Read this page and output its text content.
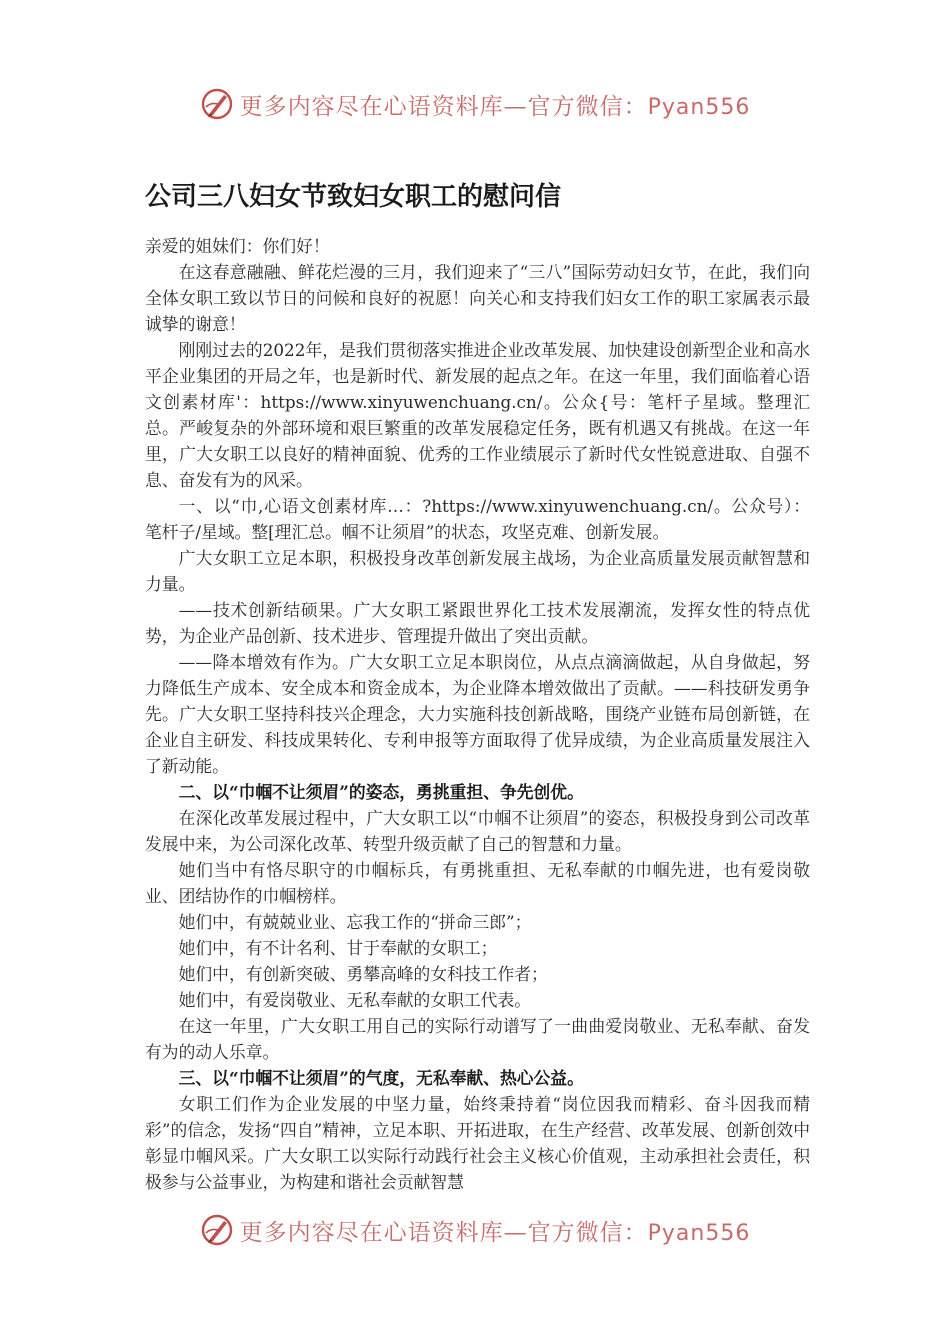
更多内容尽在心语资料库—官方微信：Pyan556
公司三八妇女节致妇女职工的慰问信

亲爱的姐妹们：你们好！

在这春意融融、鲜花烂漫的三月，我们迎来了“三八”国际劳动妇女节，在此，我们向全体女职工致以节日的问候和良好的祝愿！向关心和支持我们妇女工作的职工家属表示最诚挚的谢意！

刚刚过去的2022年，是我们贯彻落实推进企业改革发展、加快建设创新型企业和高水平企业集团的开局之年，也是新时代、新发展的起点之年。在这一年里，我们面临着心语文创素材库'：https://www.xinyuwenchuang.cn/。公众{号：笔杆子星域。整理汇总。严峻复杂的外部环境和艰巨繁重的改革发展稳定任务，既有机遇又有挑战。在这一年里，广大女职工以良好的精神面貌、优秀的工作业绩展示了新时代女性锐意进取、自强不息、奋发有为的风采。

一、以“巾,心语文创素材库…：?https://www.xinyuwenchuang.cn/。公众号）：笔杆子/星域。整[理汇总。帼不让须眉”的状态，攻坚克难、创新发展。

广大女职工立足本职，积极投身改革创新发展主战场，为企业高质量发展贡献智慧和力量。

——技术创新结硕果。广大女职工紧跟世界化工技术发展潮流，发挥女性的特点优势，为企业产品创新、技术进步、管理提升做出了突出贡献。

——降本增效有作为。广大女职工立足本职岗位，从点点滴滴做起，从自身做起，努力降低生产成本、安全成本和资金成本，为企业降本增效做出了贡献。——科技研发勇争先。广大女职工坚持科技兴企理念，大力实施科技创新战略，围绕产业链布局创新链，在企业自主研发、科技成果转化、专利申报等方面取得了优异成绩，为企业高质量发展注入了新动能。

二、以“巾帼不让须眉”的姿态，勇挑重担、争先创优。

在深化改革发展过程中，广大女职工以“巾帼不让须眉”的姿态，积极投身到公司改革发展中来，为公司深化改革、转型升级贡献了自己的智慧和力量。

她们当中有恪尽职守的巾帼标兵，有勇挑重担、无私奉献的巾帼先进，也有爱岗敬业、团结协作的巾帼榜样。

她们中，有兢兢业业、忘我工作的“拼命三郎”；

她们中，有不计名利、甘于奉献的女职工；

她们中，有创新突破、勇攀高峰的女科技工作者；

她们中，有爱岗敬业、无私奉献的女职工代表。

在这一年里，广大女职工用自己的实际行动谱写了一曲曲爱岗敬业、无私奉献、奋发有为的动人乐章。

三、以“巾帼不让须眉”的气度，无私奉献、热心公益。

女职工们作为企业发展的中坚力量，始终秉持着“岗位因我而精彩、奋斗因我而精彩”的信念，发扬“四自”精神，立足本职、开拓进取，在生产经营、改革发展、创新创效中彰显巾帼风采。广大女职工以实际行动践行社会主义核心价值观，主动承担社会责任，积极参与公益事业，为构建和谐社会贡献智慧

更多内容尽在心语资料库—官方微信：Pyan556
